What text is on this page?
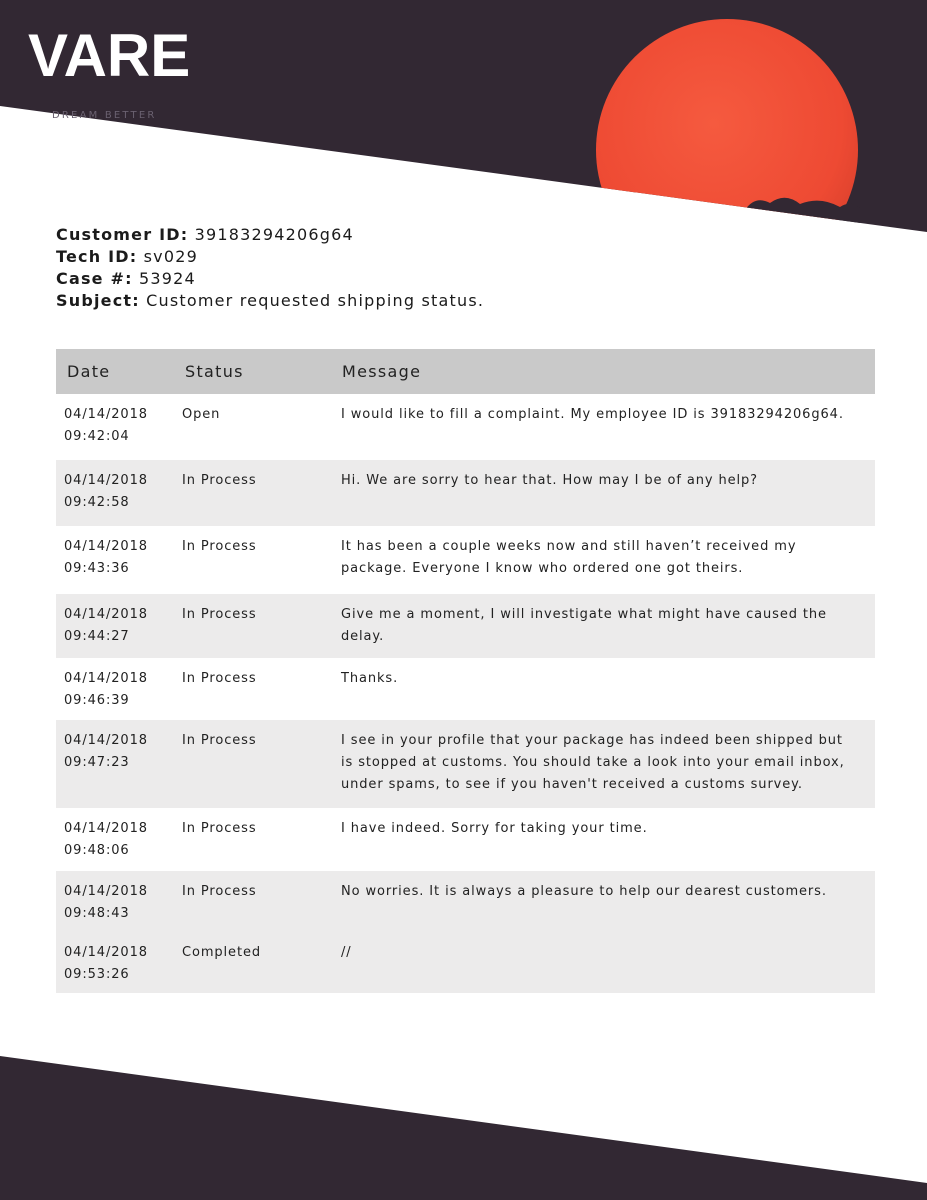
VARE
DREAM BETTER
Customer ID: 39183294206g64
Tech ID: sv029
Case #: 53924
Subject: Customer requested shipping status.
Date	Status	Message
04/14/2018
09:42:04
Open	I would like to fill a complaint. My employee ID is 39183294206g64.
04/14/2018
09:42:58
In Process	Hi. We are sorry to hear that. How may I be of any help?
04/14/2018
09:43:36
In Process	It has been a couple weeks now and still haven’t received my package. Everyone I know who ordered one got theirs.
04/14/2018
09:44:27
In Process	Give me a moment, I will investigate what might have caused the delay.
04/14/2018
09:46:39
In Process	Thanks.
04/14/2018
09:47:23
In Process	I see in your profile that your package has indeed been shipped but is stopped at customs. You should take a look into your email inbox, under spams, to see if you haven't received a customs survey.
04/14/2018
09:48:06
In Process	I have indeed. Sorry for taking your time.
04/14/2018
09:48:43
In Process	No worries. It is always a pleasure to help our dearest customers.
04/14/2018
09:53:26
Completed	//
